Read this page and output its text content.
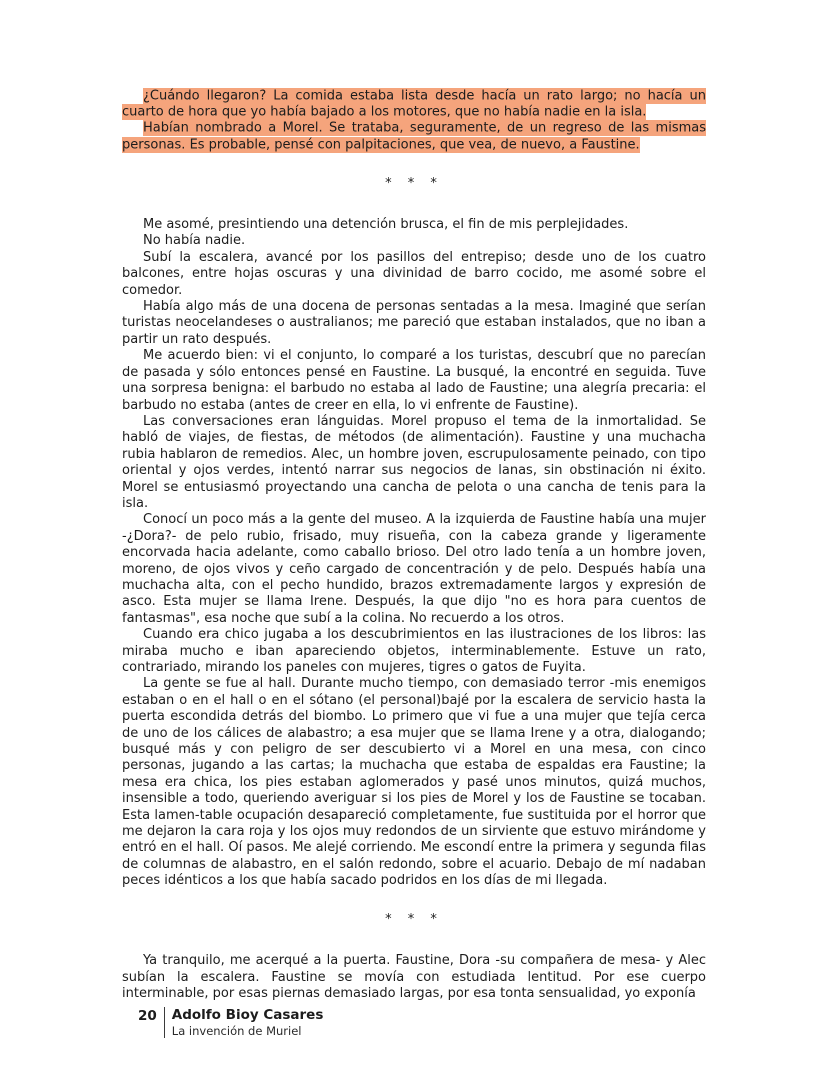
¿Cuándo llegaron? La comida estaba lista desde hacía un rato largo; no hacía un cuarto de hora que yo había bajado a los motores, que no había nadie en la isla.

Habían nombrado a Morel. Se trataba, seguramente, de un regreso de las mismas personas. Es probable, pensé con palpitaciones, que vea, de nuevo, a Faustine.

* * *

Me asomé, presintiendo una detención brusca, el fin de mis perplejidades.

No había nadie.

Subí la escalera, avancé por los pasillos del entrepiso; desde uno de los cuatro balcones, entre hojas oscuras y una divinidad de barro cocido, me asomé sobre el comedor.

Había algo más de una docena de personas sentadas a la mesa. Imaginé que serían turistas neocelandeses o australianos; me pareció que estaban instalados, que no iban a partir un rato después.

Me acuerdo bien: vi el conjunto, lo comparé a los turistas, descubrí que no parecían de pasada y sólo entonces pensé en Faustine. La busqué, la encontré en seguida. Tuve una sorpresa benigna: el barbudo no estaba al lado de Faustine; una alegría precaria: el barbudo no estaba (antes de creer en ella, lo vi enfrente de Faustine).

Las conversaciones eran lánguidas. Morel propuso el tema de la inmortalidad. Se habló de viajes, de fiestas, de métodos (de alimentación). Faustine y una muchacha rubia hablaron de remedios. Alec, un hombre joven, escrupulosamente peinado, con tipo oriental y ojos verdes, intentó narrar sus negocios de lanas, sin obstinación ni éxito. Morel se entusiasmó proyectando una cancha de pelota o una cancha de tenis para la isla.

Conocí un poco más a la gente del museo. A la izquierda de Faustine había una mujer -¿Dora?- de pelo rubio, frisado, muy risueña, con la cabeza grande y ligeramente encorvada hacia adelante, como caballo brioso. Del otro lado tenía a un hombre joven, moreno, de ojos vivos y ceño cargado de concentración y de pelo. Después había una muchacha alta, con el pecho hundido, brazos extremadamente largos y expresión de asco. Esta mujer se llama Irene. Después, la que dijo "no es hora para cuentos de fantasmas", esa noche que subí a la colina. No recuerdo a los otros.

Cuando era chico jugaba a los descubrimientos en las ilustraciones de los libros: las miraba mucho e iban apareciendo objetos, interminablemente. Estuve un rato, contrariado, mirando los paneles con mujeres, tigres o gatos de Fuyita.

La gente se fue al hall. Durante mucho tiempo, con demasiado terror -mis enemigos estaban o en el hall o en el sótano (el personal)bajé por la escalera de servicio hasta la puerta escondida detrás del biombo. Lo primero que vi fue a una mujer que tejía cerca de uno de los cálices de alabastro; a esa mujer que se llama Irene y a otra, dialogando; busqué más y con peligro de ser descubierto vi a Morel en una mesa, con cinco personas, jugando a las cartas; la muchacha que estaba de espaldas era Faustine; la mesa era chica, los pies estaban aglomerados y pasé unos minutos, quizá muchos, insensible a todo, queriendo averiguar si los pies de Morel y los de Faustine se tocaban. Esta lamen-table ocupación desapareció completamente, fue sustituida por el horror que me dejaron la cara roja y los ojos muy redondos de un sirviente que estuvo mirándome y entró en el hall. Oí pasos. Me alejé corriendo. Me escondí entre la primera y segunda filas de columnas de alabastro, en el salón redondo, sobre el acuario. Debajo de mí nadaban peces idénticos a los que había sacado podridos en los días de mi llegada.

* * *

Ya tranquilo, me acerqué a la puerta. Faustine, Dora -su compañera de mesa- y Alec subían la escalera. Faustine se movía con estudiada lentitud. Por ese cuerpo interminable, por esas piernas demasiado largas, por esa tonta sensualidad, yo exponía

20	Adolfo Bioy Casares
La invención de Muriel
